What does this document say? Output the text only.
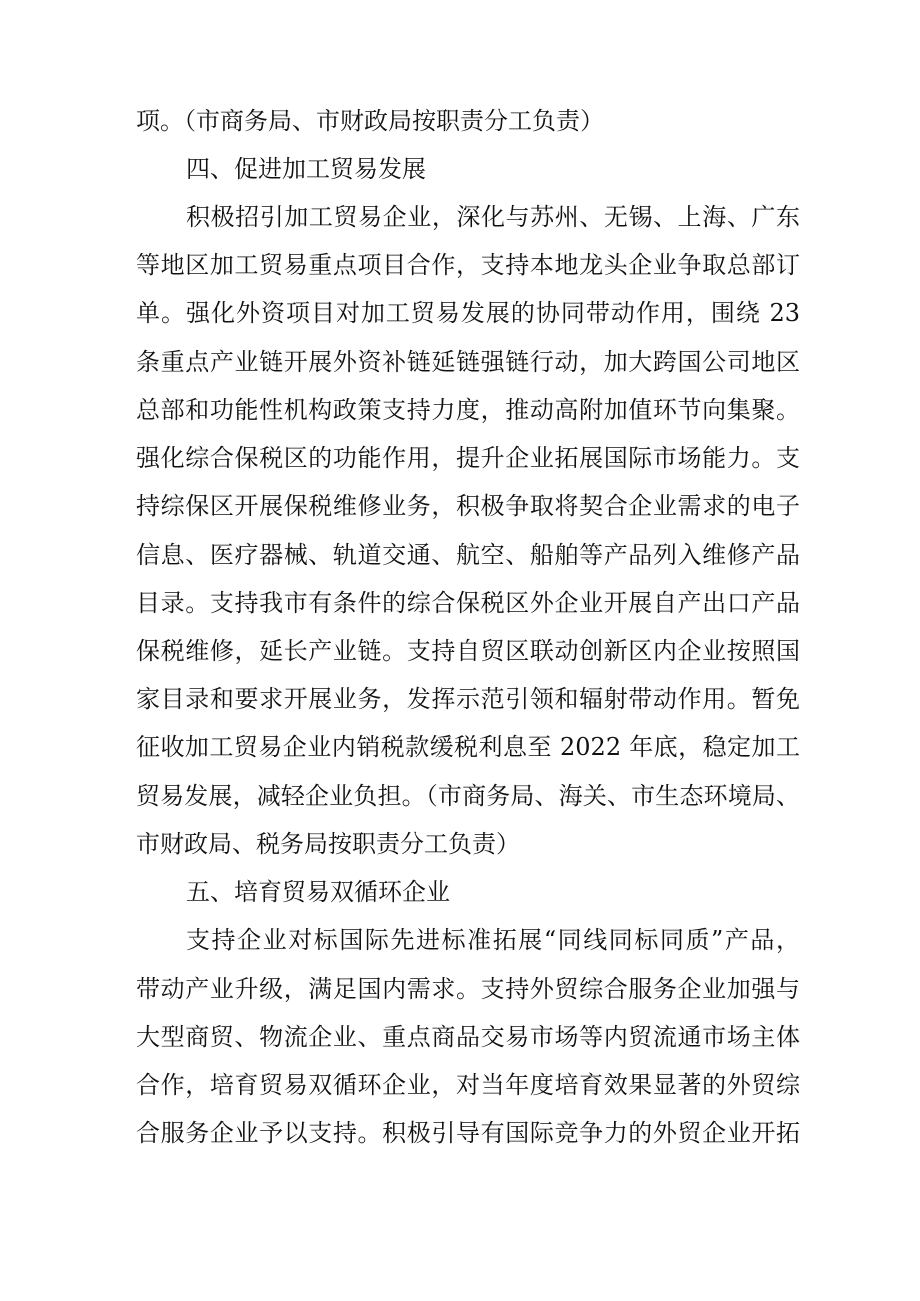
项。（市商务局、市财政局按职责分工负责）
四、促进加工贸易发展
积极招引加工贸易企业，深化与苏州、无锡、上海、广东
等地区加工贸易重点项目合作，支持本地龙头企业争取总部订
单。强化外资项目对加工贸易发展的协同带动作用，围绕 23
条重点产业链开展外资补链延链强链行动，加大跨国公司地区
总部和功能性机构政策支持力度，推动高附加值环节向集聚。
强化综合保税区的功能作用，提升企业拓展国际市场能力。支
持综保区开展保税维修业务，积极争取将契合企业需求的电子
信息、医疗器械、轨道交通、航空、船舶等产品列入维修产品
目录。支持我市有条件的综合保税区外企业开展自产出口产品
保税维修，延长产业链。支持自贸区联动创新区内企业按照国
家目录和要求开展业务，发挥示范引领和辐射带动作用。暂免
征收加工贸易企业内销税款缓税利息至 2022 年底，稳定加工
贸易发展，减轻企业负担。（市商务局、海关、市生态环境局、
市财政局、税务局按职责分工负责）
五、培育贸易双循环企业
支持企业对标国际先进标准拓展“同线同标同质”产品，
带动产业升级，满足国内需求。支持外贸综合服务企业加强与
大型商贸、物流企业、重点商品交易市场等内贸流通市场主体
合作，培育贸易双循环企业，对当年度培育效果显著的外贸综
合服务企业予以支持。积极引导有国际竞争力的外贸企业开拓
